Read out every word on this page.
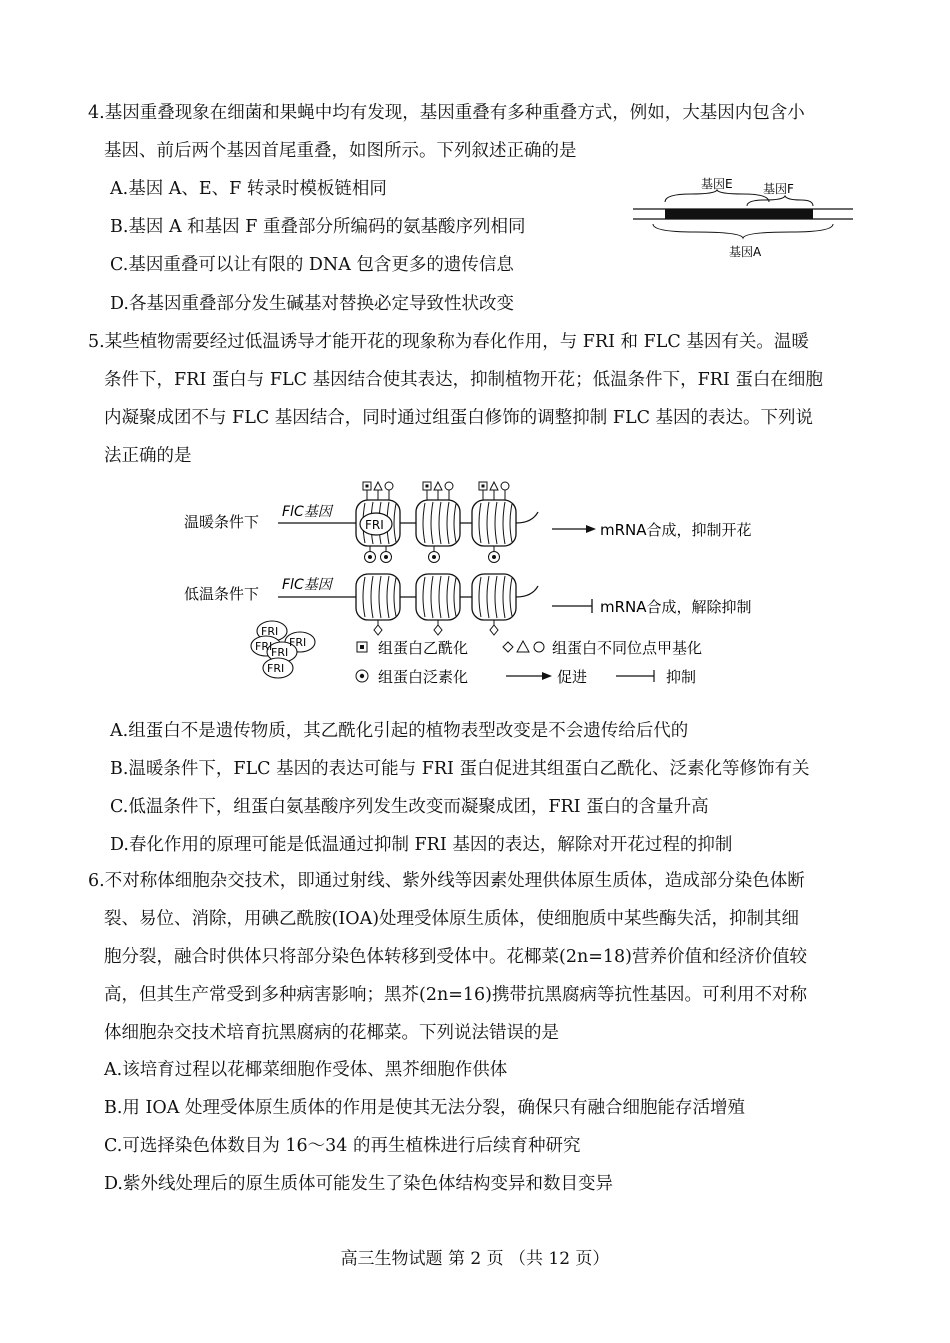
4.基因重叠现象在细菌和果蝇中均有发现，基因重叠有多种重叠方式，例如，大基因内包含小
基因、前后两个基因首尾重叠，如图所示。下列叙述正确的是
A.基因 A、E、F 转录时模板链相同
B.基因 A 和基因 F 重叠部分所编码的氨基酸序列相同
C.基因重叠可以让有限的 DNA 包含更多的遗传信息
D.各基因重叠部分发生碱基对替换必定导致性状改变
基因E	基因F
基因A
5.某些植物需要经过低温诱导才能开花的现象称为春化作用，与 FRI 和 FLC 基因有关。温暖
条件下，FRI 蛋白与 FLC 基因结合使其表达，抑制植物开花；低温条件下，FRI 蛋白在细胞
内凝聚成团不与 FLC 基因结合，同时通过组蛋白修饰的调整抑制 FLC 基因的表达。下列说
法正确的是
温暖条件下
FlC基因
FRI	mRNA合成，抑制开花
低温条件下 FlC基因
mRNA合成，解除抑制
FRI
FRI
FRI
FRI
FRI
组蛋白乙酰化	组蛋白不同位点甲基化
组蛋白泛素化	促进	抑制
A.组蛋白不是遗传物质，其乙酰化引起的植物表型改变是不会遗传给后代的
B.温暖条件下，FLC 基因的表达可能与 FRI 蛋白促进其组蛋白乙酰化、泛素化等修饰有关
C.低温条件下，组蛋白氨基酸序列发生改变而凝聚成团，FRI 蛋白的含量升高
D.春化作用的原理可能是低温通过抑制 FRI 基因的表达，解除对开花过程的抑制
6.不对称体细胞杂交技术，即通过射线、紫外线等因素处理供体原生质体，造成部分染色体断
裂、易位、消除，用碘乙酰胺(IOA)处理受体原生质体，使细胞质中某些酶失活，抑制其细
胞分裂，融合时供体只将部分染色体转移到受体中。花椰菜(2n=18)营养价值和经济价值较
高，但其生产常受到多种病害影响；黑芥(2n=16)携带抗黑腐病等抗性基因。可利用不对称
体细胞杂交技术培育抗黑腐病的花椰菜。下列说法错误的是
A.该培育过程以花椰菜细胞作受体、黑芥细胞作供体
B.用 IOA 处理受体原生质体的作用是使其无法分裂，确保只有融合细胞能存活增殖
C.可选择染色体数目为 16～34 的再生植株进行后续育种研究
D.紫外线处理后的原生质体可能发生了染色体结构变异和数目变异
高三生物试题 第 2 页 （共 12 页）
